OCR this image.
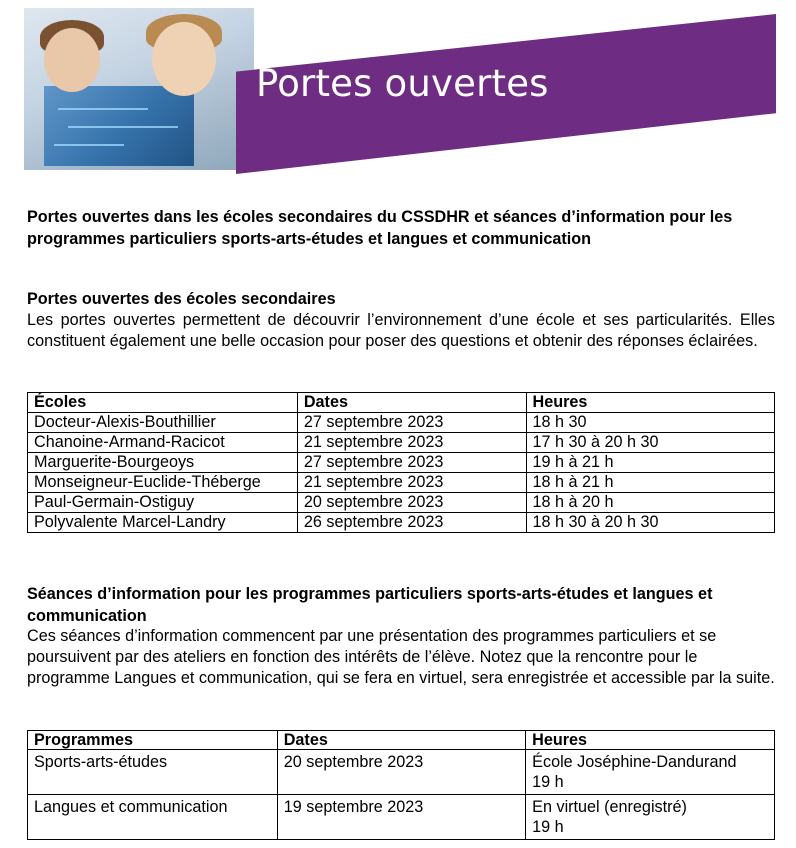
Portes ouvertes
Portes ouvertes dans les écoles secondaires du CSSDHR et séances d’information pour les programmes particuliers sports-arts-études et langues et communication
Portes ouvertes des écoles secondaires
Les portes ouvertes permettent de découvrir l’environnement d’une école et ses particularités. Elles constituent également une belle occasion pour poser des questions et obtenir des réponses éclairées.
Écoles	Dates	Heures
Docteur-Alexis-Bouthillier	27 septembre 2023	18 h 30
Chanoine-Armand-Racicot	21 septembre 2023	17 h 30 à 20 h 30
Marguerite-Bourgeoys	27 septembre 2023	19 h à 21 h
Monseigneur-Euclide-Théberge	21 septembre 2023	18 h à 21 h
Paul-Germain-Ostiguy	20 septembre 2023	18 h à 20 h
Polyvalente Marcel-Landry	26 septembre 2023	18 h 30 à 20 h 30
Séances d’information pour les programmes particuliers sports-arts-études et langues et communication
Ces séances d’information commencent par une présentation des programmes particuliers et se poursuivent par des ateliers en fonction des intérêts de l’élève. Notez que la rencontre pour le programme Langues et communication, qui se fera en virtuel, sera enregistrée et accessible par la suite.
Programmes	Dates	Heures
Sports-arts-études	20 septembre 2023	École Joséphine-Dandurand
19 h

Langues et communication	19 septembre 2023	En virtuel (enregistré)
19 h
